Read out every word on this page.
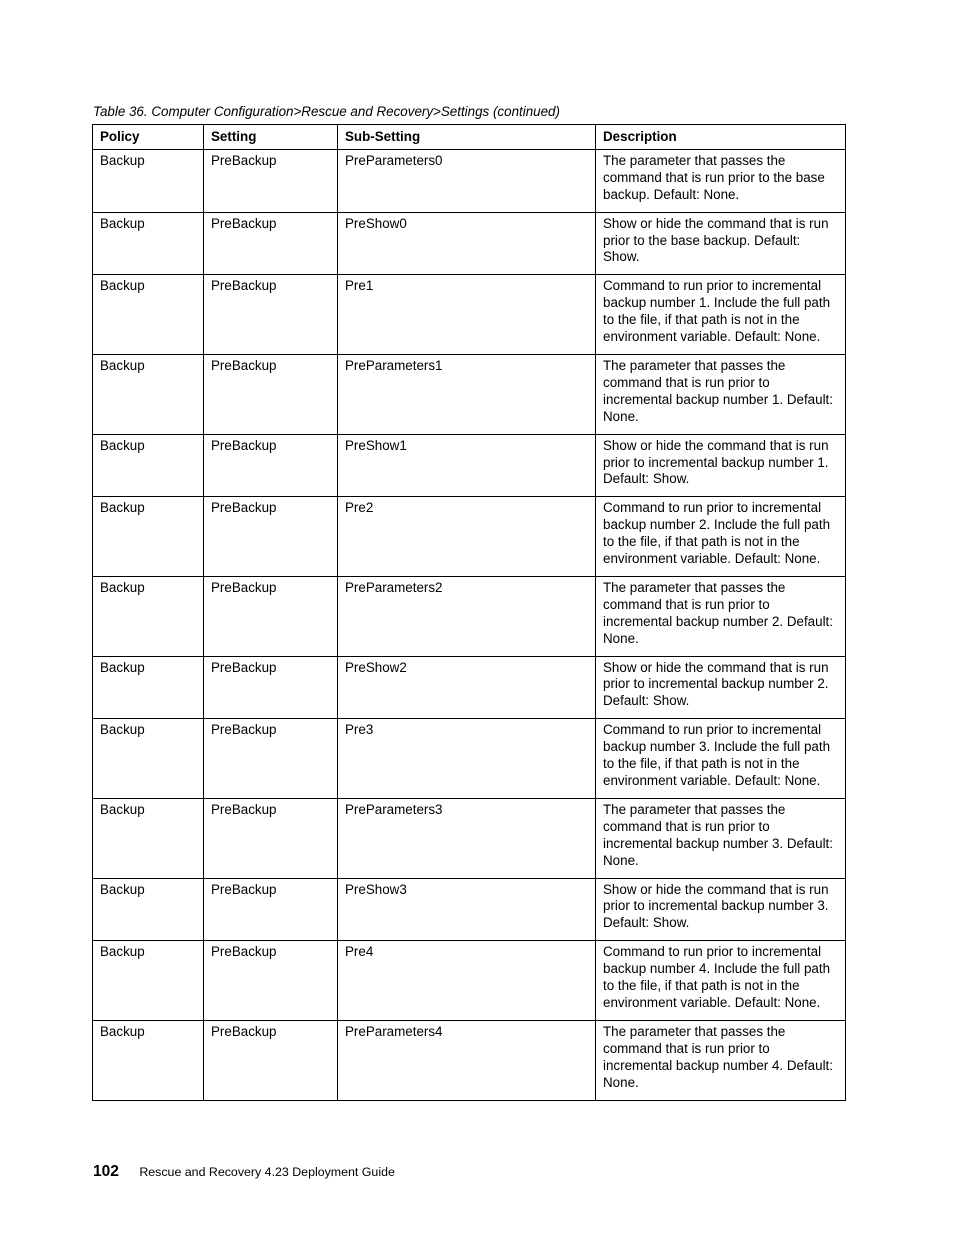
Table 36. Computer Configuration>Rescue and Recovery>Settings (continued)
Policy	Setting	Sub-Setting	Description
Backup	PreBackup	PreParameters0	The parameter that passes the command that is run prior to the base backup. Default: None.
Backup	PreBackup	PreShow0	Show or hide the command that is run prior to the base backup. Default: Show.
Backup	PreBackup	Pre1	Command to run prior to incremental backup number 1. Include the full path to the file, if that path is not in the environment variable. Default: None.
Backup	PreBackup	PreParameters1	The parameter that passes the command that is run prior to incremental backup number 1. Default: None.
Backup	PreBackup	PreShow1	Show or hide the command that is run prior to incremental backup number 1. Default: Show.
Backup	PreBackup	Pre2	Command to run prior to incremental backup number 2. Include the full path to the file, if that path is not in the environment variable. Default: None.
Backup	PreBackup	PreParameters2	The parameter that passes the command that is run prior to incremental backup number 2. Default: None.
Backup	PreBackup	PreShow2	Show or hide the command that is run prior to incremental backup number 2. Default: Show.
Backup	PreBackup	Pre3	Command to run prior to incremental backup number 3. Include the full path to the file, if that path is not in the environment variable. Default: None.
Backup	PreBackup	PreParameters3	The parameter that passes the command that is run prior to incremental backup number 3. Default: None.
Backup	PreBackup	PreShow3	Show or hide the command that is run prior to incremental backup number 3. Default: Show.
Backup	PreBackup	Pre4	Command to run prior to incremental backup number 4. Include the full path to the file, if that path is not in the environment variable. Default: None.
Backup	PreBackup	PreParameters4	The parameter that passes the command that is run prior to incremental backup number 4. Default: None.
102 Rescue and Recovery 4.23 Deployment Guide
